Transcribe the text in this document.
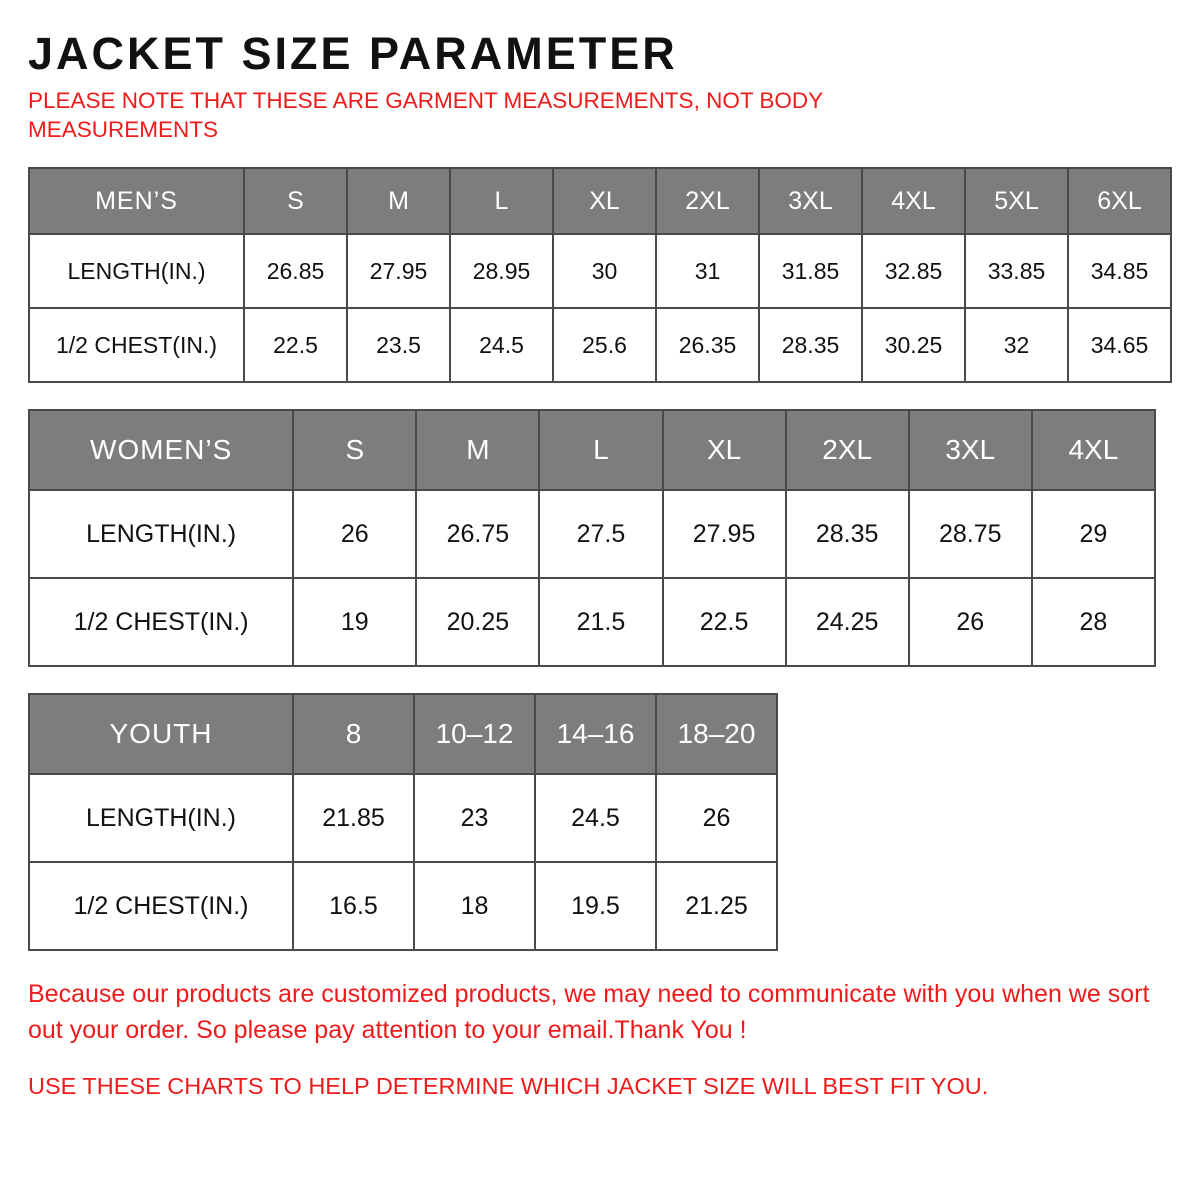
JACKET SIZE PARAMETER
PLEASE NOTE THAT THESE ARE GARMENT MEASUREMENTS, NOT BODY MEASUREMENTS
MEN’S	S	M	L	XL	2XL	3XL	4XL	5XL	6XL
LENGTH(IN.)	26.85	27.95	28.95	30	31	31.85	32.85	33.85	34.85
1/2 CHEST(IN.)	22.5	23.5	24.5	25.6	26.35	28.35	30.25	32	34.65
WOMEN’S	S	M	L	XL	2XL	3XL	4XL
LENGTH(IN.)	26	26.75	27.5	27.95	28.35	28.75	29
1/2 CHEST(IN.)	19	20.25	21.5	22.5	24.25	26	28
YOUTH	8	10–12	14–16	18–20
LENGTH(IN.)	21.85	23	24.5	26
1/2 CHEST(IN.)	16.5	18	19.5	21.25

Because our products are customized products, we may need to communicate with you when we sort out your order. So please pay attention to your email.Thank You !

USE THESE CHARTS TO HELP DETERMINE WHICH JACKET SIZE WILL BEST FIT YOU.
